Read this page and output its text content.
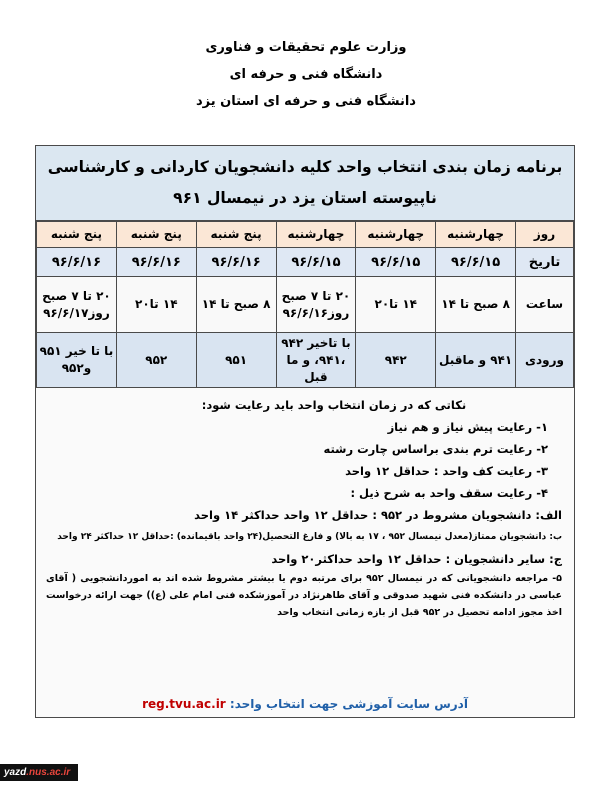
وزارت علوم تحقیقات و فناوری
دانشگاه فنی و حرفه ای
دانشگاه فنی و حرفه ای استان یزد
برنامه زمان بندی انتخاب واحد کلیه دانشجویان کاردانی و کارشناسی
ناپیوسته استان یزد در نیمسال ۹۶۱
روز	چهارشنبه	چهارشنبه	چهارشنبه	پنج شنبه	پنج شنبه	پنج شنبه
تاریخ	۹۶/۶/۱۵	۹۶/۶/۱۵	۹۶/۶/۱۵	۹۶/۶/۱۶	۹۶/۶/۱۶	۹۶/۶/۱۶
ساعت	۸ صبح تا ۱۴	۱۴ تا۲۰	۲۰ تا ۷ صبح روز۹۶/۶/۱۶	۸ صبح تا ۱۴	۱۴ تا۲۰	۲۰ تا ۷ صبح روز۹۶/۶/۱۷
ورودی	۹۴۱ و ماقبل	۹۴۲	با تاخیر ۹۴۲ ،۹۴۱، و ما قبل	۹۵۱	۹۵۲	با تا خیر ۹۵۱ و۹۵۲
نکاتی که در زمان انتخاب واحد باید رعایت شود:
۱- رعایت پیش نیاز و هم نیاز
۲- رعایت ترم بندی براساس چارت رشته
۳- رعایت کف واحد : حداقل ۱۲ واحد
۴- رعایت سقف واحد به شرح ذیل :
الف: دانشجویان مشروط در ۹۵۲ : حداقل ۱۲ واحد حداکثر ۱۴ واحد
ب: دانشجویان ممتاز(معدل نیمسال ۹۵۲ ، ۱۷ به بالا) و فارغ التحصیل(۲۴ واحد باقیمانده) :حداقل ۱۲ حداکثر ۲۴ واحد
ج: سایر دانشجویان : حداقل ۱۲ واحد حداکثر۲۰ واحد
۵- مراجعه دانشجویانی که در نیمسال ۹۵۲ برای مرتبه دوم یا بیشتر مشروط شده اند به اموردانشجویی ( آقای عباسی در دانشکده فنی شهید صدوقی و آقای طاهرنژاد در آموزشکده فنی امام علی (ع)) جهت ارائه درخواست اخذ مجوز ادامه تحصیل در ۹۵۲ قبل از بازه زمانی انتخاب واحد
آدرس سایت آموزشی جهت انتخاب واحد: reg.tvu.ac.ir
yazd.nus.ac.ir
